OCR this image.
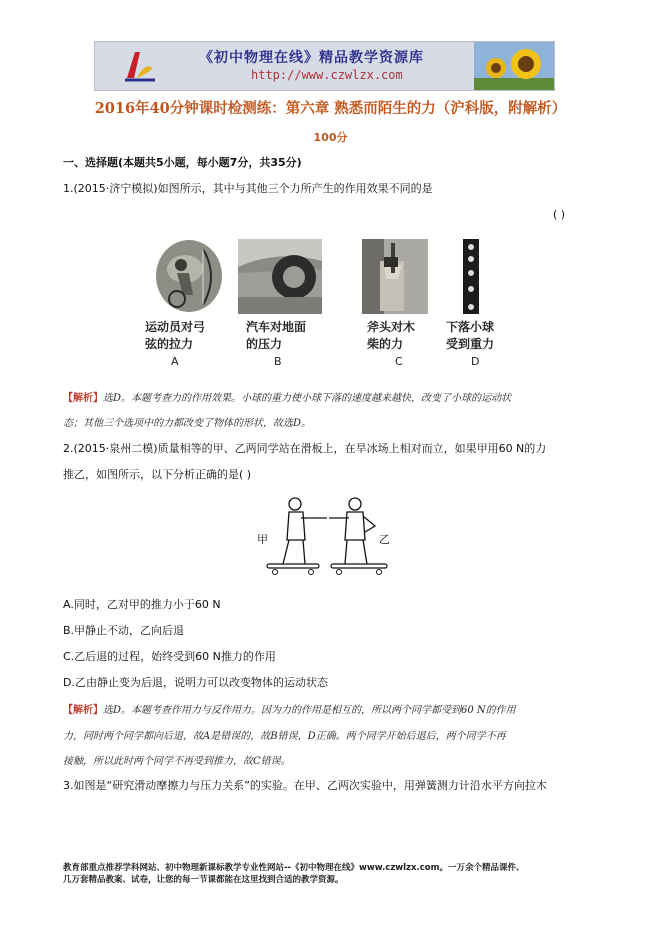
《初中物理在线》精品教学资源库
http://www.czwlzx.com
2016年40分钟课时检测练：第六章 熟悉而陌生的力（沪科版，附解析）
100分
一、选择题(本题共5小题，每小题7分，共35分)
1.(2015·济宁模拟)如图所示，其中与其他三个力所产生的作用效果不同的是
( )
运动员对弓
弦的拉力
汽车对地面
的压力
斧头对木
柴的力
下落小球
受到重力
A	B	C	D
【解析】选D。本题考查力的作用效果。小球的重力使小球下落的速度越来越快，改变了小球的运动状
态；其他三个选项中的力都改变了物体的形状，故选D。
2.(2015·泉州二模)质量相等的甲、乙两同学站在滑板上，在旱冰场上相对而立，如果甲用60 N的力
推乙，如图所示，以下分析正确的是( )
甲	乙
A.同时，乙对甲的推力小于60 N
B.甲静止不动，乙向后退
C.乙后退的过程，始终受到60 N推力的作用
D.乙由静止变为后退，说明力可以改变物体的运动状态
【解析】选D。本题考查作用力与反作用力。因为力的作用是相互的，所以两个同学都受到60 N的作用
力，同时两个同学都向后退，故A是错误的，故B错误，D正确。两个同学开始后退后，两个同学不再
接触，所以此时两个同学不再受到推力，故C错误。
3.如图是“研究滑动摩擦力与压力关系”的实验。在甲、乙两次实验中，用弹簧测力计沿水平方向拉木
教育部重点推荐学科网站、初中物理新课标教学专业性网站--《初中物理在线》www.czwlzx.com。一万余个精品课件、
几万套精品教案、试卷，让您的每一节课都能在这里找到合适的教学资源。
